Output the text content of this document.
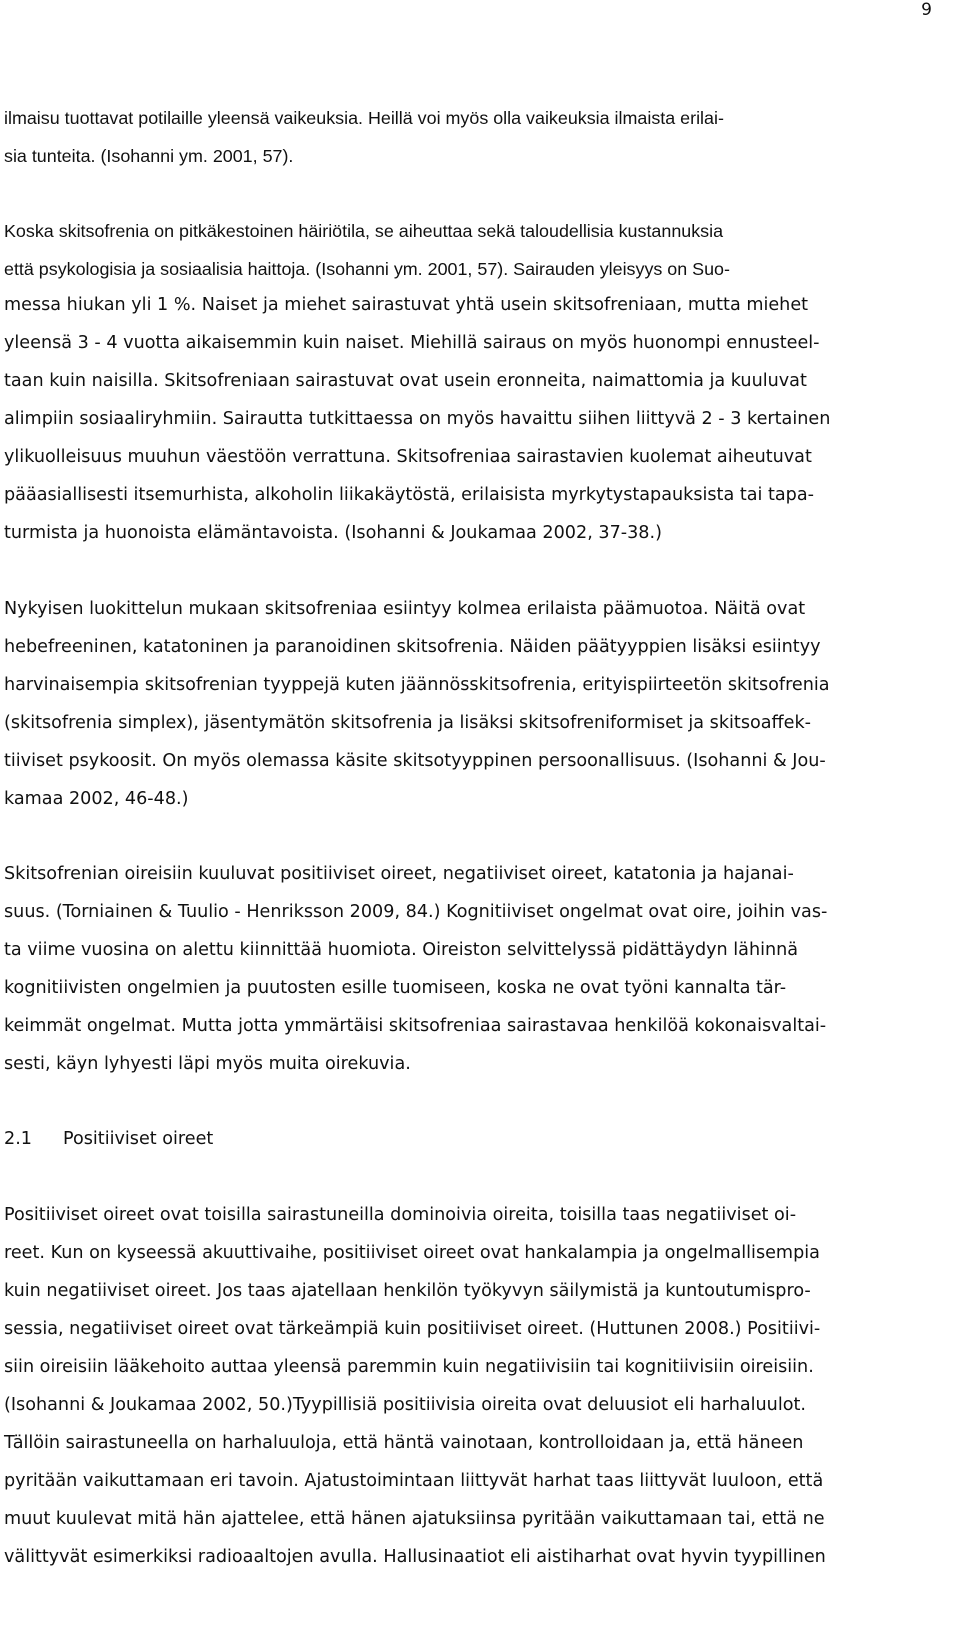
9
ilmaisu tuottavat potilaille yleensä vaikeuksia. Heillä voi myös olla vaikeuksia ilmaista erilai-
sia tunteita. (Isohanni ym. 2001, 57).
Koska skitsofrenia on pitkäkestoinen häiriötila, se aiheuttaa sekä taloudellisia kustannuksia
että psykologisia ja sosiaalisia haittoja. (Isohanni ym. 2001, 57). Sairauden yleisyys on Suo-
messa hiukan yli 1 %. Naiset ja miehet sairastuvat yhtä usein skitsofreniaan, mutta miehet
yleensä 3 - 4 vuotta aikaisemmin kuin naiset. Miehillä sairaus on myös huonompi ennusteel-
taan kuin naisilla. Skitsofreniaan sairastuvat ovat usein eronneita, naimattomia ja kuuluvat
alimpiin sosiaaliryhmiin. Sairautta tutkittaessa on myös havaittu siihen liittyvä 2 - 3 kertainen
ylikuolleisuus muuhun väestöön verrattuna. Skitsofreniaa sairastavien kuolemat aiheutuvat
pääasiallisesti itsemurhista, alkoholin liikakäytöstä, erilaisista myrkytystapauksista tai tapa-
turmista ja huonoista elämäntavoista. (Isohanni & Joukamaa 2002, 37-38.)
Nykyisen luokittelun mukaan skitsofreniaa esiintyy kolmea erilaista päämuotoa. Näitä ovat
hebefreeninen, katatoninen ja paranoidinen skitsofrenia. Näiden päätyyppien lisäksi esiintyy
harvinaisempia skitsofrenian tyyppejä kuten jäännösskitsofrenia, erityispiirteetön skitsofrenia
(skitsofrenia simplex), jäsentymätön skitsofrenia ja lisäksi skitsofreniformiset ja skitsoaffek-
tiiviset psykoosit. On myös olemassa käsite skitsotyyppinen persoonallisuus. (Isohanni & Jou-
kamaa 2002, 46-48.)
Skitsofrenian oireisiin kuuluvat positiiviset oireet, negatiiviset oireet, katatonia ja hajanai-
suus. (Torniainen & Tuulio - Henriksson 2009, 84.) Kognitiiviset ongelmat ovat oire, joihin vas-
ta viime vuosina on alettu kiinnittää huomiota. Oireiston selvittelyssä pidättäydyn lähinnä
kognitiivisten ongelmien ja puutosten esille tuomiseen, koska ne ovat työni kannalta tär-
keimmät ongelmat. Mutta jotta ymmärtäisi skitsofreniaa sairastavaa henkilöä kokonaisvaltai-
sesti, käyn lyhyesti läpi myös muita oirekuvia.
2.1 Positiiviset oireet
Positiiviset oireet ovat toisilla sairastuneilla dominoivia oireita, toisilla taas negatiiviset oi-
reet. Kun on kyseessä akuuttivaihe, positiiviset oireet ovat hankalampia ja ongelmallisempia
kuin negatiiviset oireet. Jos taas ajatellaan henkilön työkyvyn säilymistä ja kuntoutumispro-
sessia, negatiiviset oireet ovat tärkeämpiä kuin positiiviset oireet. (Huttunen 2008.) Positiivi-
siin oireisiin lääkehoito auttaa yleensä paremmin kuin negatiivisiin tai kognitiivisiin oireisiin.
(Isohanni & Joukamaa 2002, 50.)Tyypillisiä positiivisia oireita ovat deluusiot eli harhaluulot.
Tällöin sairastuneella on harhaluuloja, että häntä vainotaan, kontrolloidaan ja, että häneen
pyritään vaikuttamaan eri tavoin. Ajatustoimintaan liittyvät harhat taas liittyvät luuloon, että
muut kuulevat mitä hän ajattelee, että hänen ajatuksiinsa pyritään vaikuttamaan tai, että ne
välittyvät esimerkiksi radioaaltojen avulla. Hallusinaatiot eli aistiharhat ovat hyvin tyypillinen
